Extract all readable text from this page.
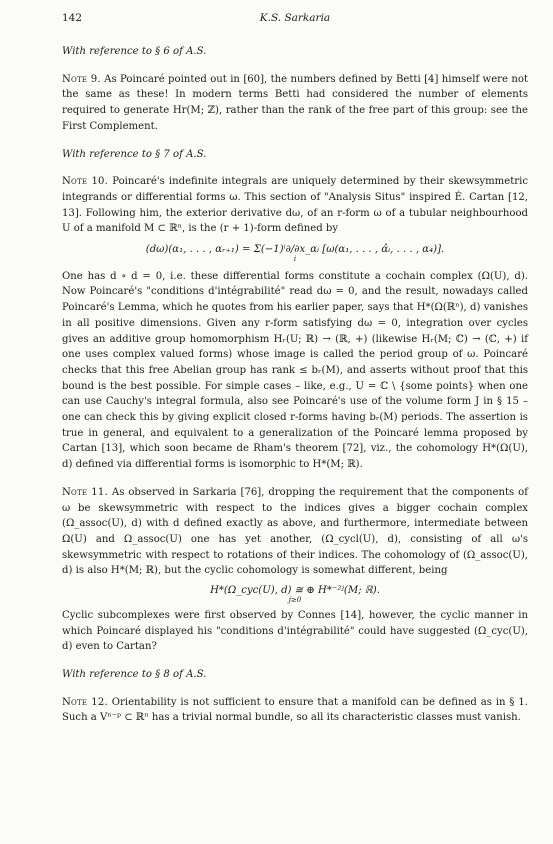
142	K.S. Sarkaria

With reference to § 6 of A.S.

Note 9. As Poincaré pointed out in [60], the numbers defined by Betti [4] himself were not the same as these! In modern terms Betti had considered the number of elements required to generate Hr(M; ℤ), rather than the rank of the free part of this group: see the First Complement.

With reference to § 7 of A.S.

Note 10. Poincaré's indefinite integrals are uniquely determined by their skewsymmetric integrands or differential forms ω. This section of "Analysis Situs" inspired É. Cartan [12, 13]. Following him, the exterior derivative dω, of an r-form ω of a tubular neighbourhood U of a manifold M ⊂ ℝⁿ, is the (r + 1)-form defined by

(dω)(α₁, . . . , αᵣ₊₁) = Σ(−1)ⁱ∂/∂x_αᵢ [ω(α₁, . . . , α̂ᵢ, . . . , α₄)].
i

One has d ∘ d = 0, i.e. these differential forms constitute a cochain complex (Ω(U), d). Now Poincaré's "conditions d'intégrabilité" read dω = 0, and the result, nowadays called Poincaré's Lemma, which he quotes from his earlier paper, says that H*(Ω(ℝⁿ), d) vanishes in all positive dimensions. Given any r-form satisfying dω = 0, integration over cycles gives an additive group homomorphism Hᵣ(U; ℝ) → (ℝ, +) (likewise Hᵣ(M; ℂ) → (ℂ, +) if one uses complex valued forms) whose image is called the period group of ω. Poincaré checks that this free Abelian group has rank ≤ bᵣ(M), and asserts without proof that this bound is the best possible. For simple cases – like, e.g., U = ℂ \ {some points} when one can use Cauchy's integral formula, also see Poincaré's use of the volume form J in § 15 – one can check this by giving explicit closed r-forms having bᵣ(M) periods. The assertion is true in general, and equivalent to a generalization of the Poincaré lemma proposed by Cartan [13], which soon became de Rham's theorem [72], viz., the cohomology H*(Ω(U), d) defined via differential forms is isomorphic to H*(M; ℝ).

Note 11. As observed in Sarkaria [76], dropping the requirement that the components of ω be skewsymmetric with respect to the indices gives a bigger cochain complex (Ω_assoc(U), d) with d defined exactly as above, and furthermore, intermediate between Ω(U) and Ω_assoc(U) one has yet another, (Ω_cycl(U), d), consisting of all ω's skewsymmetric with respect to rotations of their indices. The cohomology of (Ω_assoc(U), d) is also H*(M; ℝ), but the cyclic cohomology is somewhat different, being

H*(Ω_cyc(U), d) ≅ ⊕ H*⁻²ʲ(M; ℝ).
j≥0

Cyclic subcomplexes were first observed by Connes [14], however, the cyclic manner in which Poincaré displayed his "conditions d'intégrabilité" could have suggested (Ω_cyc(U), d) even to Cartan?

With reference to § 8 of A.S.

Note 12. Orientability is not sufficient to ensure that a manifold can be defined as in § 1. Such a Vⁿ⁻ᵖ ⊂ ℝⁿ has a trivial normal bundle, so all its characteristic classes must vanish.
